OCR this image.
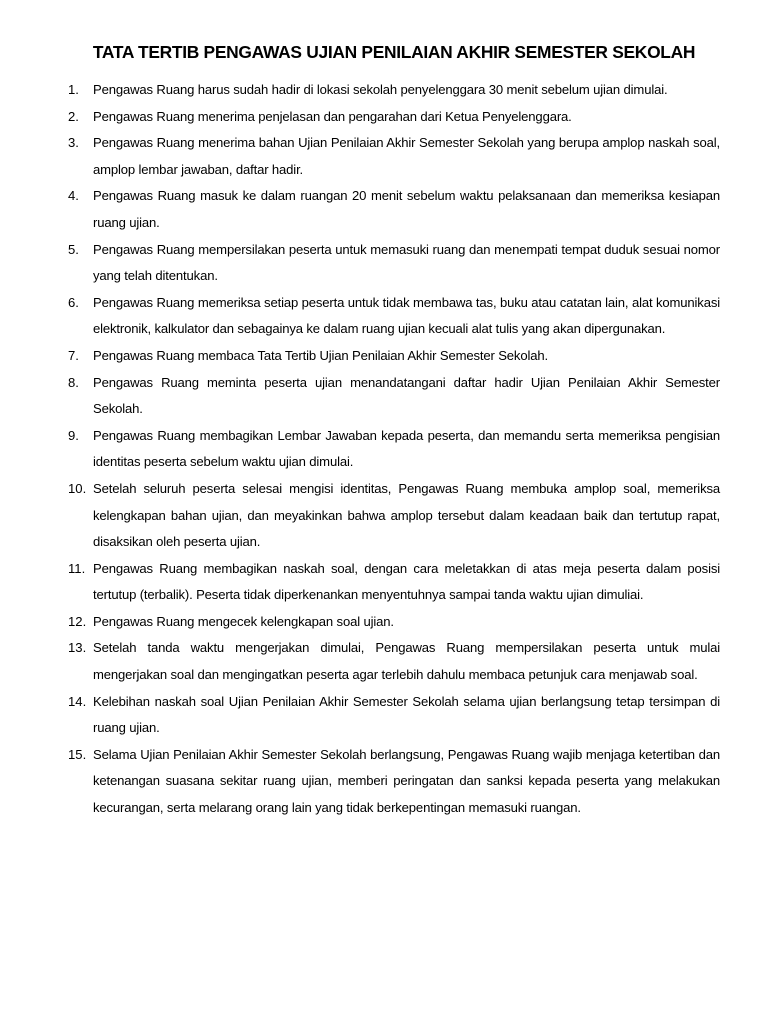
TATA TERTIB PENGAWAS UJIAN PENILAIAN AKHIR SEMESTER SEKOLAH
1.	Pengawas Ruang harus sudah hadir di lokasi sekolah penyelenggara 30 menit sebelum ujian dimulai.
2.	Pengawas Ruang menerima penjelasan dan pengarahan dari Ketua Penyelenggara.
3.	Pengawas Ruang menerima bahan Ujian Penilaian Akhir Semester Sekolah yang berupa amplop naskah soal, amplop lembar jawaban, daftar hadir.
4.	Pengawas Ruang masuk ke dalam ruangan 20 menit sebelum waktu pelaksanaan dan memeriksa kesiapan ruang ujian.
5.	Pengawas Ruang mempersilakan peserta untuk memasuki ruang dan menempati tempat duduk sesuai nomor yang telah ditentukan.
6.	Pengawas Ruang memeriksa setiap peserta untuk tidak membawa tas, buku atau catatan lain, alat komunikasi elektronik, kalkulator dan sebagainya ke dalam ruang ujian kecuali alat tulis yang akan dipergunakan.
7.	Pengawas Ruang membaca Tata Tertib Ujian Penilaian Akhir Semester Sekolah.
8.	Pengawas Ruang meminta peserta ujian menandatangani daftar hadir Ujian Penilaian Akhir Semester Sekolah.
9.	Pengawas Ruang membagikan Lembar Jawaban kepada peserta, dan memandu serta memeriksa pengisian identitas peserta sebelum waktu ujian dimulai.
10. Setelah seluruh peserta selesai mengisi identitas, Pengawas Ruang membuka amplop soal, memeriksa kelengkapan bahan ujian, dan meyakinkan bahwa amplop tersebut dalam keadaan baik dan tertutup rapat, disaksikan oleh peserta ujian.
11. Pengawas Ruang membagikan naskah soal, dengan cara meletakkan di atas meja peserta dalam posisi tertutup (terbalik). Peserta tidak diperkenankan menyentuhnya sampai tanda waktu ujian dimuliai.
12. Pengawas Ruang mengecek kelengkapan soal ujian.
13. Setelah tanda waktu mengerjakan dimulai, Pengawas Ruang mempersilakan peserta untuk mulai mengerjakan soal dan mengingatkan peserta agar terlebih dahulu membaca petunjuk cara menjawab soal.
14. Kelebihan naskah soal Ujian Penilaian Akhir Semester Sekolah selama ujian berlangsung tetap tersimpan di ruang ujian.
15. Selama Ujian Penilaian Akhir Semester Sekolah berlangsung, Pengawas Ruang wajib menjaga ketertiban dan ketenangan suasana sekitar ruang ujian, memberi peringatan dan sanksi kepada peserta yang melakukan kecurangan, serta melarang orang lain yang tidak berkepentingan memasuki ruangan.
